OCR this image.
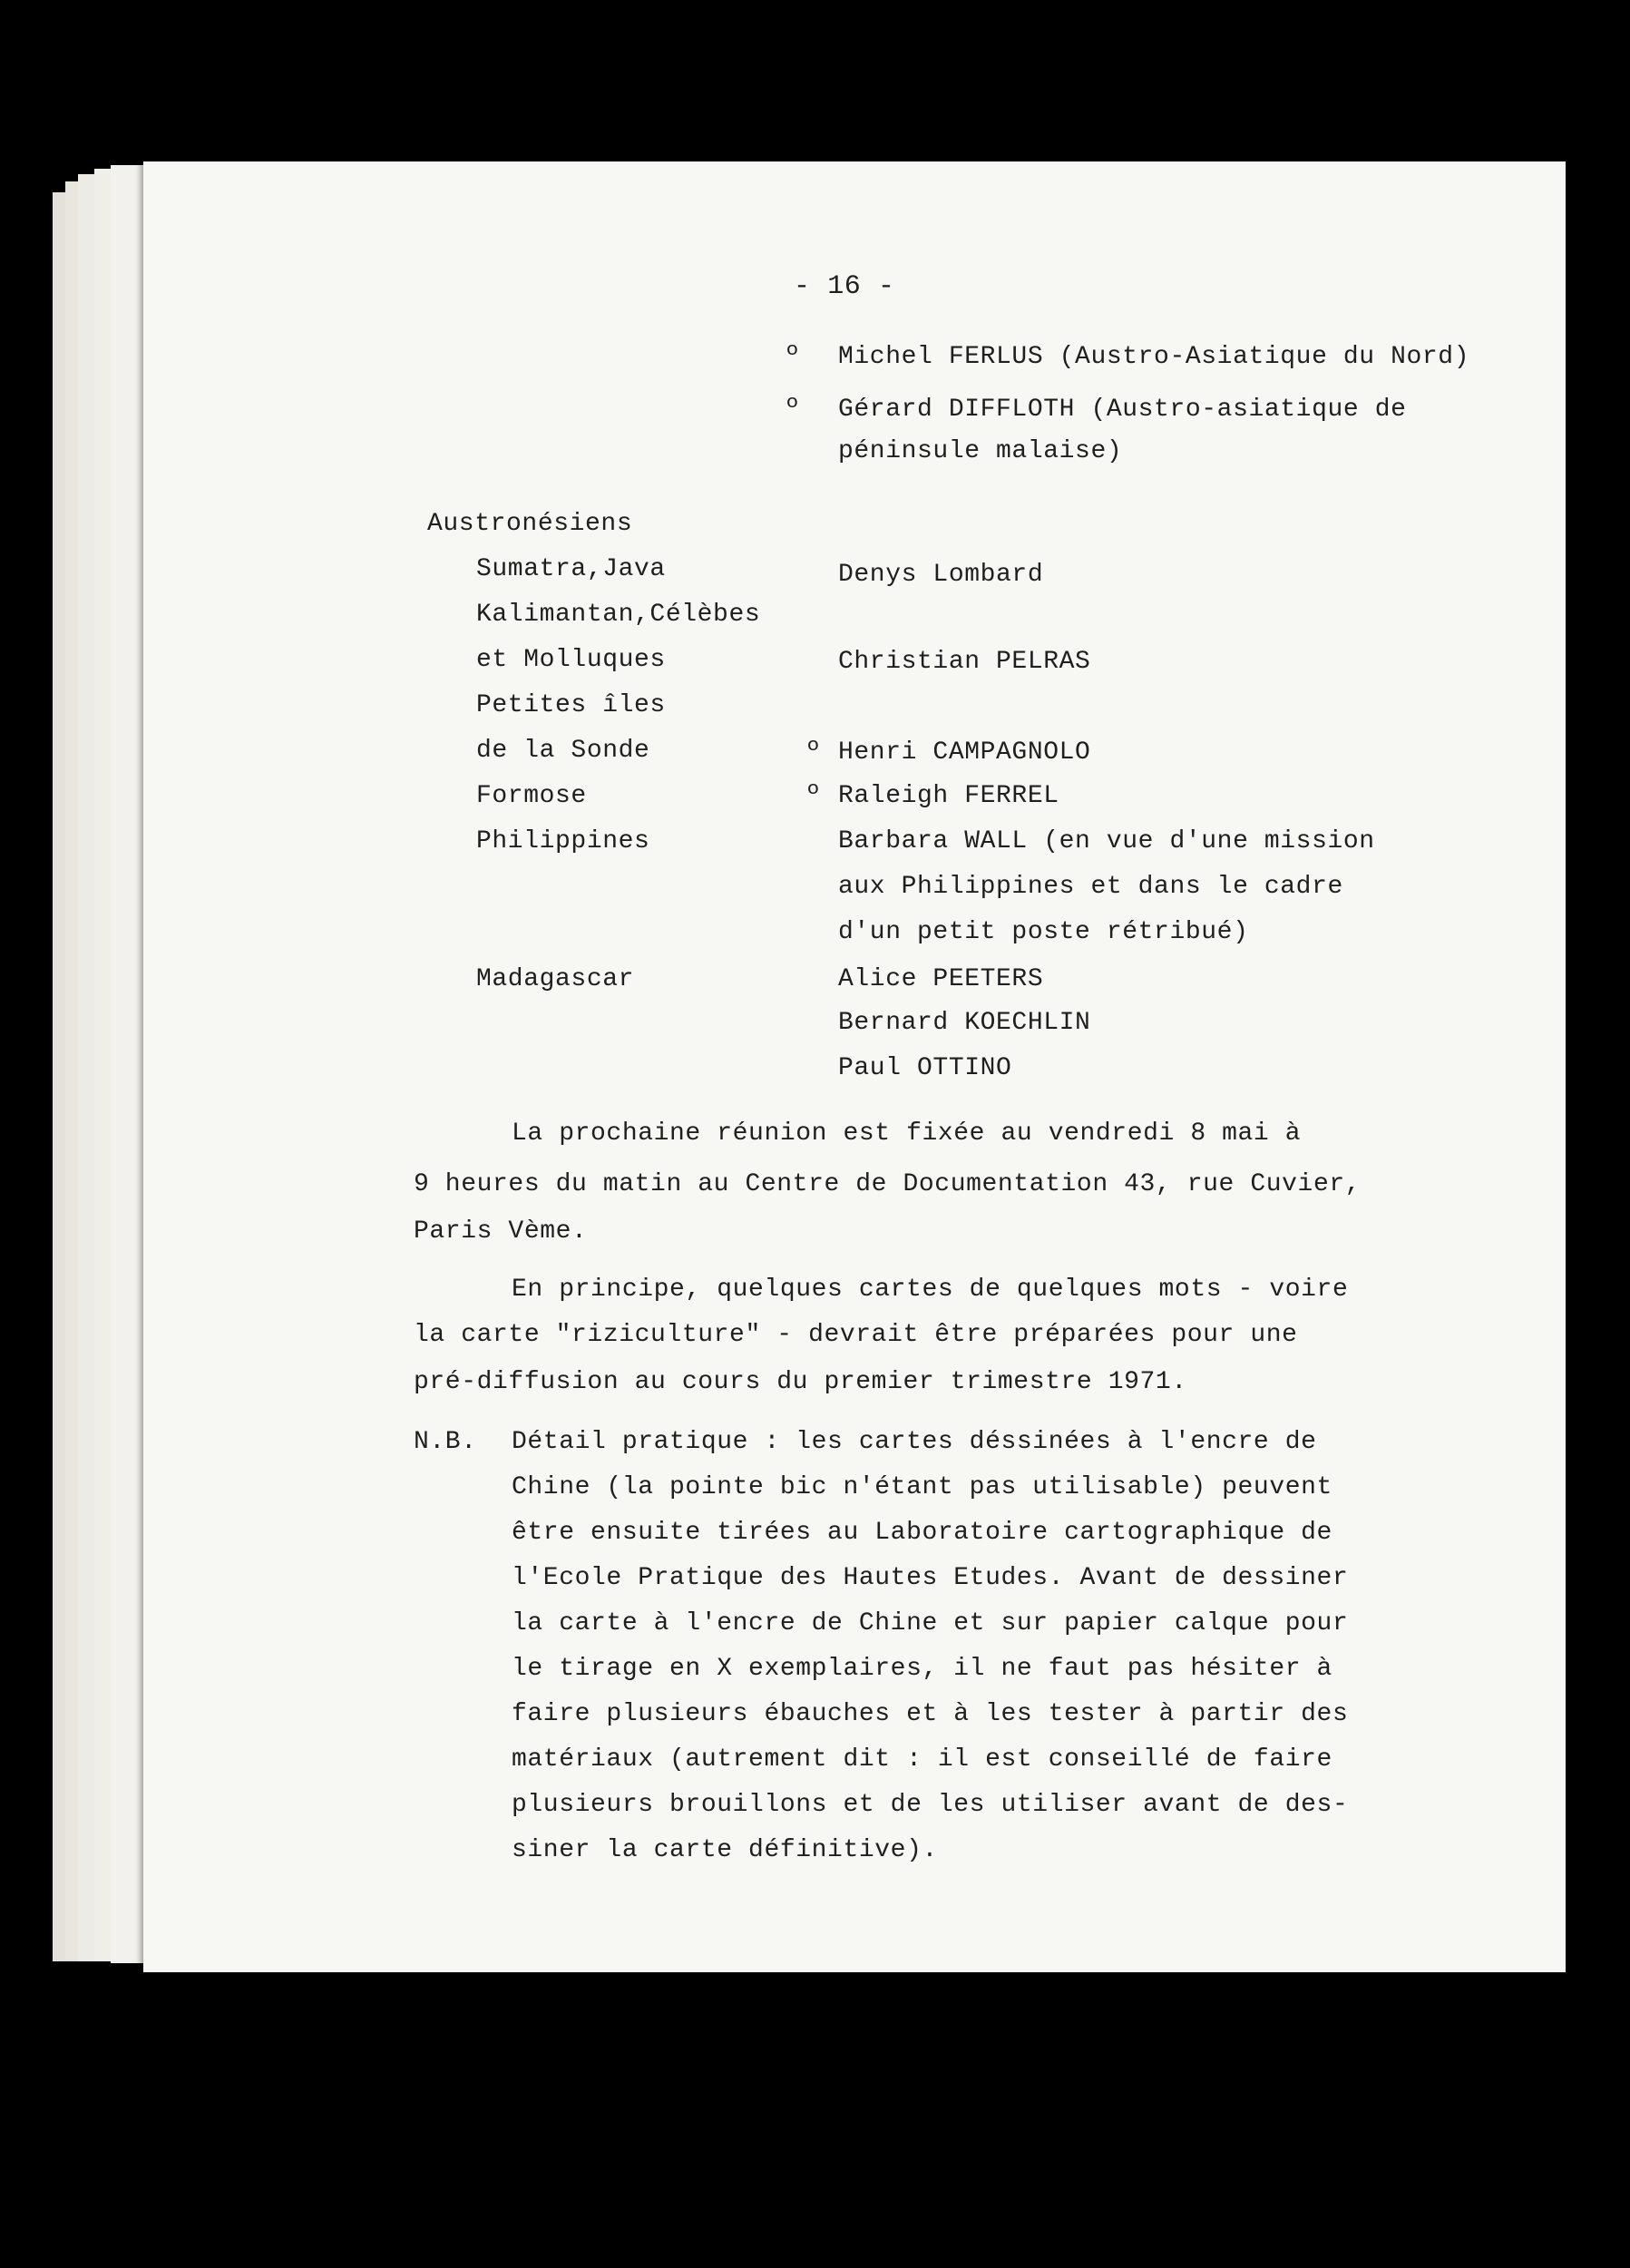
- 16 -
º Michel FERLUS (Austro-Asiatique du Nord)
º Gérard DIFFLOTH (Austro-asiatique de
péninsule malaise)
Austronésiens
Sumatra,Java
Kalimantan,Célèbes
et Molluques
Petites îles
de la Sonde
Formose
Philippines
Madagascar
Denys Lombard
Christian PELRAS
º Henri CAMPAGNOLO
º Raleigh FERREL
Barbara WALL (en vue d'une mission
aux Philippines et dans le cadre
d'un petit poste rétribué)
Alice PEETERS
Bernard KOECHLIN
Paul OTTINO
La prochaine réunion est fixée au vendredi 8 mai à
9 heures du matin au Centre de Documentation 43, rue Cuvier,
Paris Vème.
En principe, quelques cartes de quelques mots - voire
la carte "riziculture" - devrait être préparées pour une
pré-diffusion au cours du premier trimestre 1971.
N.B. Détail pratique : les cartes déssinées à l'encre de
Chine (la pointe bic n'étant pas utilisable) peuvent
être ensuite tirées au Laboratoire cartographique de
l'Ecole Pratique des Hautes Etudes. Avant de dessiner
la carte à l'encre de Chine et sur papier calque pour
le tirage en X exemplaires, il ne faut pas hésiter à
faire plusieurs ébauches et à les tester à partir des
matériaux (autrement dit : il est conseillé de faire
plusieurs brouillons et de les utiliser avant de des-
siner la carte définitive).
